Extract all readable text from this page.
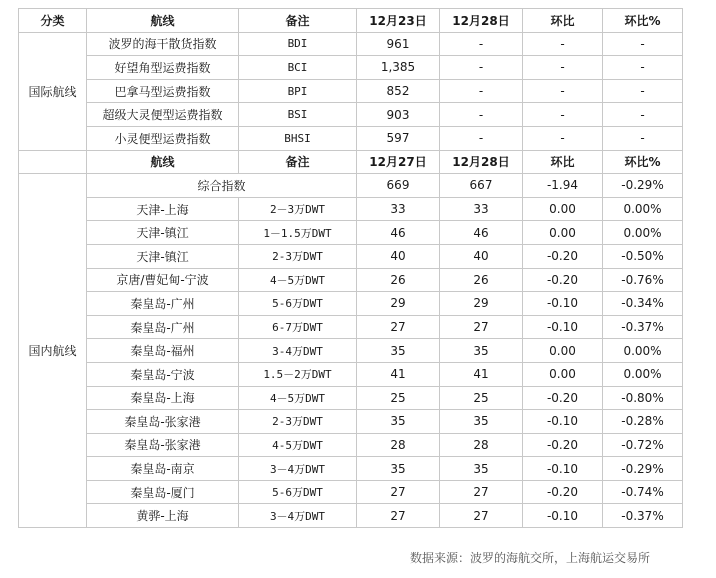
分类	航线	备注	12月23日	12月28日	环比	环比%
国际航线	波罗的海干散货指数	BDI	961	-	-	-
	好望角型运费指数	BCI	1,385	-	-	-
	巴拿马型运费指数	BPI	852	-	-	-
	超级大灵便型运费指数	BSI	903	-	-	-
	小灵便型运费指数	BHSI	597	-	-	-
	航线	备注	12月27日	12月28日	环比	环比%
国内航线	综合指数		669	667	-1.94	-0.29%
	天津-上海	2－3万DWT	33	33	0.00	0.00%
	天津-镇江	1－1.5万DWT	46	46	0.00	0.00%
	天津-镇江	2-3万DWT	40	40	-0.20	-0.50%
	京唐/曹妃甸-宁波	4－5万DWT	26	26	-0.20	-0.76%
	秦皇岛-广州	5-6万DWT	29	29	-0.10	-0.34%
	秦皇岛-广州	6-7万DWT	27	27	-0.10	-0.37%
	秦皇岛-福州	3-4万DWT	35	35	0.00	0.00%
	秦皇岛-宁波	1.5－2万DWT	41	41	0.00	0.00%
	秦皇岛-上海	4－5万DWT	25	25	-0.20	-0.80%
	秦皇岛-张家港	2-3万DWT	35	35	-0.10	-0.28%
	秦皇岛-张家港	4-5万DWT	28	28	-0.20	-0.72%
	秦皇岛-南京	3－4万DWT	35	35	-0.10	-0.29%
	秦皇岛-厦门	5-6万DWT	27	27	-0.20	-0.74%
	黄骅-上海	3－4万DWT	27	27	-0.10	-0.37%
数据来源：波罗的海航交所，上海航运交易所
